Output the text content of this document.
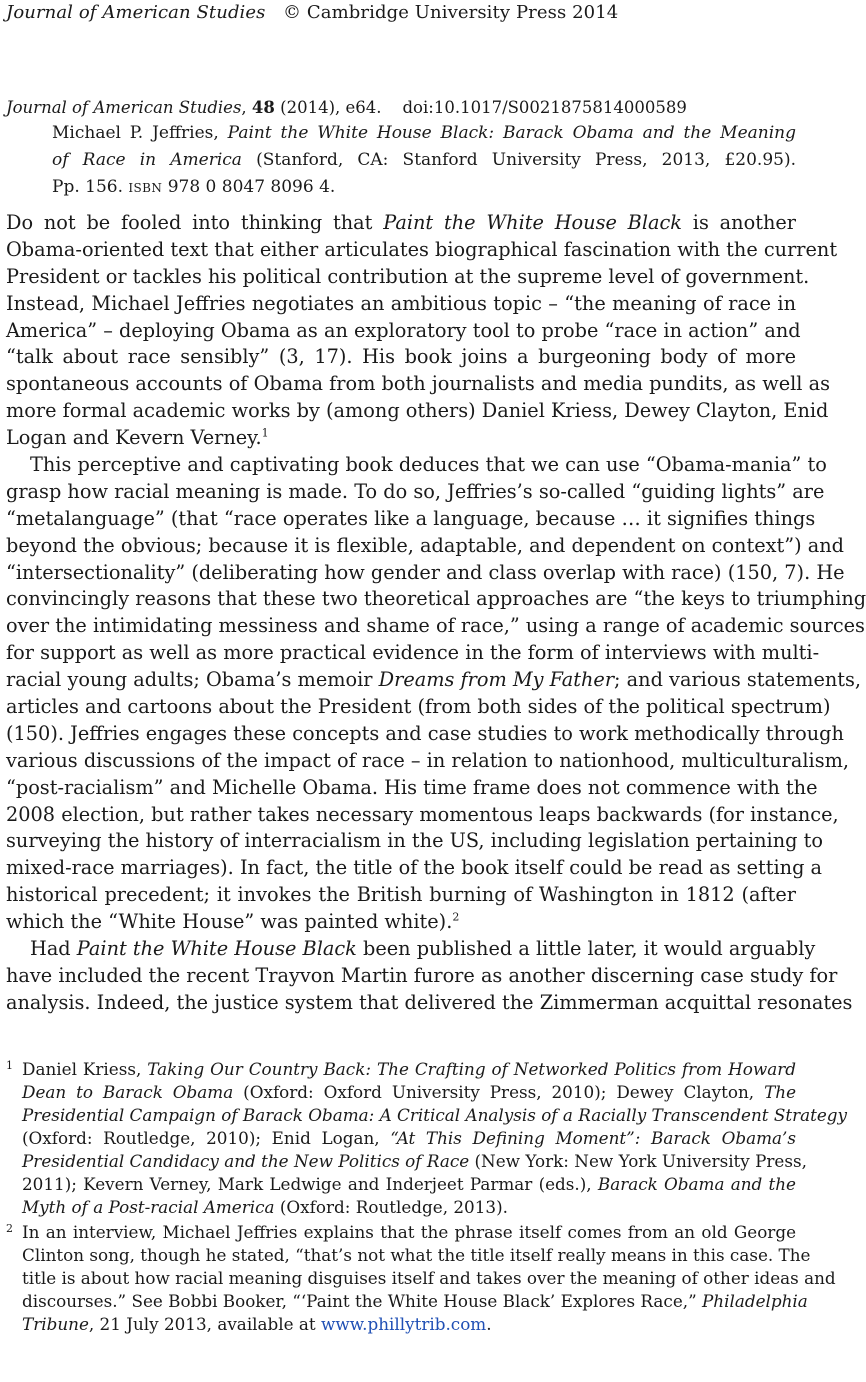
Journal of American Studies © Cambridge University Press 2014
Journal of American Studies, 48 (2014), e64. doi:10.1017/S0021875814000589
Michael P. Jeffries, Paint the White House Black: Barack Obama and the Meaning
of Race in America (Stanford, CA: Stanford University Press, 2013, £20.95).
Pp. 156. ISBN 978 0 8047 8096 4.
Do not be fooled into thinking that Paint the White House Black is another
Obama-oriented text that either articulates biographical fascination with the current
President or tackles his political contribution at the supreme level of government.
Instead, Michael Jeffries negotiates an ambitious topic – “the meaning of race in
America” – deploying Obama as an exploratory tool to probe “race in action” and
“talk about race sensibly” (3, 17). His book joins a burgeoning body of more
spontaneous accounts of Obama from both journalists and media pundits, as well as
more formal academic works by (among others) Daniel Kriess, Dewey Clayton, Enid
Logan and Kevern Verney.$^1$
This perceptive and captivating book deduces that we can use “Obama-mania” to
grasp how racial meaning is made. To do so, Jeffries’s so-called “guiding lights” are
“metalanguage” (that “race operates like a language, because … it signifies things
beyond the obvious; because it is flexible, adaptable, and dependent on context”) and
“intersectionality” (deliberating how gender and class overlap with race) (150, 7). He
convincingly reasons that these two theoretical approaches are “the keys to triumphing
over the intimidating messiness and shame of race,” using a range of academic sources
for support as well as more practical evidence in the form of interviews with multi-
racial young adults; Obama’s memoir Dreams from My Father; and various statements,
articles and cartoons about the President (from both sides of the political spectrum)
(150). Jeffries engages these concepts and case studies to work methodically through
various discussions of the impact of race – in relation to nationhood, multiculturalism,
“post-racialism” and Michelle Obama. His time frame does not commence with the
2008 election, but rather takes necessary momentous leaps backwards (for instance,
surveying the history of interracialism in the US, including legislation pertaining to
mixed-race marriages). In fact, the title of the book itself could be read as setting a
historical precedent; it invokes the British burning of Washington in 1812 (after
which the “White House” was painted white).$^2$
Had Paint the White House Black been published a little later, it would arguably
have included the recent Trayvon Martin furore as another discerning case study for
analysis. Indeed, the justice system that delivered the Zimmerman acquittal resonates
1 Daniel Kriess, Taking Our Country Back: The Crafting of Networked Politics from Howard
Dean to Barack Obama (Oxford: Oxford University Press, 2010); Dewey Clayton, The
Presidential Campaign of Barack Obama: A Critical Analysis of a Racially Transcendent Strategy
(Oxford: Routledge, 2010); Enid Logan, “At This Defining Moment”: Barack Obama’s
Presidential Candidacy and the New Politics of Race (New York: New York University Press,
2011); Kevern Verney, Mark Ledwige and Inderjeet Parmar (eds.), Barack Obama and the
Myth of a Post-racial America (Oxford: Routledge, 2013).
2 In an interview, Michael Jeffries explains that the phrase itself comes from an old George
Clinton song, though he stated, “that’s not what the title itself really means in this case. The
title is about how racial meaning disguises itself and takes over the meaning of other ideas and
discourses.” See Bobbi Booker, “‘Paint the White House Black’ Explores Race,” Philadelphia
Tribune, 21 July 2013, available at www.phillytrib.com.
